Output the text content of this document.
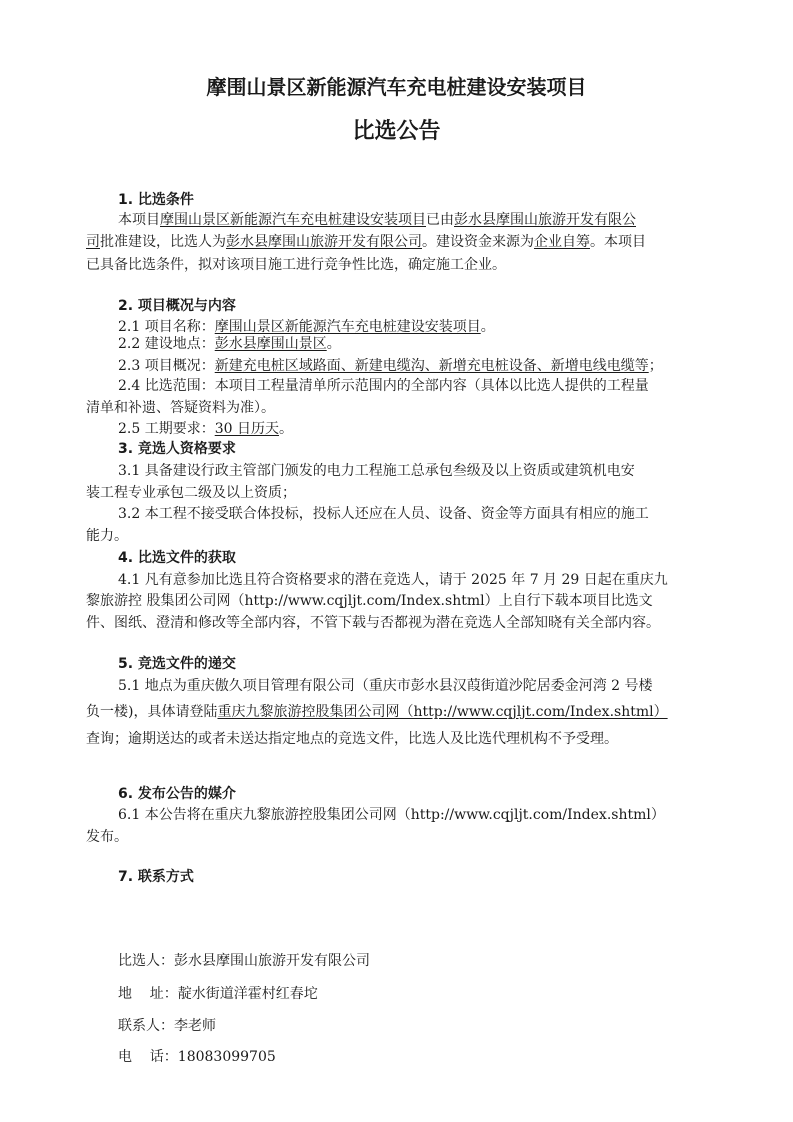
摩围山景区新能源汽车充电桩建设安装项目
比选公告
1. 比选条件
本项目摩围山景区新能源汽车充电桩建设安装项目已由彭水县摩围山旅游开发有限公
司批准建设，比选人为彭水县摩围山旅游开发有限公司。建设资金来源为企业自筹。本项目
已具备比选条件，拟对该项目施工进行竞争性比选，确定施工企业。
2. 项目概况与内容
2.1 项目名称：摩围山景区新能源汽车充电桩建设安装项目。
2.2 建设地点：彭水县摩围山景区。
2.3 项目概况：新建充电桩区域路面、新建电缆沟、新增充电桩设备、新增电线电缆等；
2.4 比选范围：本项目工程量清单所示范围内的全部内容（具体以比选人提供的工程量
清单和补遗、答疑资料为准）。
2.5 工期要求：30 日历天。
3. 竞选人资格要求
3.1 具备建设行政主管部门颁发的电力工程施工总承包叁级及以上资质或建筑机电安
装工程专业承包二级及以上资质；
3.2 本工程不接受联合体投标，投标人还应在人员、设备、资金等方面具有相应的施工
能力。
4. 比选文件的获取
4.1 凡有意参加比选且符合资格要求的潜在竞选人，请于 2025 年 7 月 29 日起在重庆九
黎旅游控 股集团公司网（http://www.cqjljt.com/Index.shtml）上自行下载本项目比选文
件、图纸、澄清和修改等全部内容，不管下载与否都视为潜在竞选人全部知晓有关全部内容。
5. 竞选文件的递交
5.1 地点为重庆傲久项目管理有限公司（重庆市彭水县汉葭街道沙陀居委金河湾 2 号楼
负一楼)，具体请登陆重庆九黎旅游控股集团公司网（http://www.cqjljt.com/Index.shtml）
查询；逾期送达的或者未送达指定地点的竞选文件，比选人及比选代理机构不予受理。
6. 发布公告的媒介
6.1 本公告将在重庆九黎旅游控股集团公司网（http://www.cqjljt.com/Index.shtml）
发布。
7. 联系方式
比选人：彭水县摩围山旅游开发有限公司
地    址：靛水街道洋霍村红春坨
联系人：李老师
电    话：18083099705
